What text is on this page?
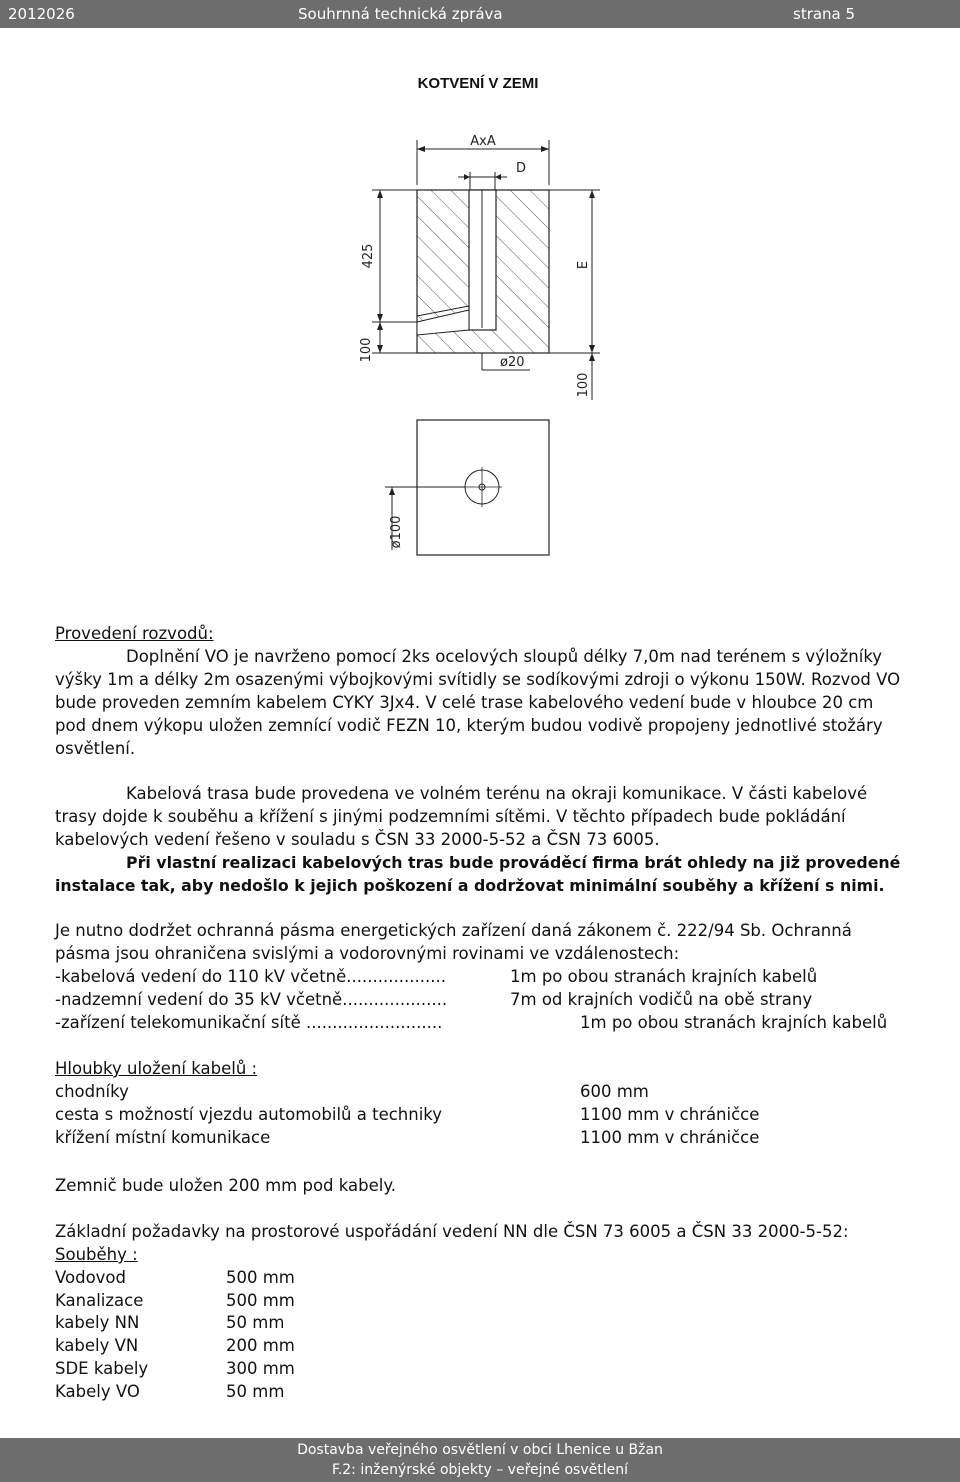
2012026	Souhrnná technická zpráva	strana 5
KOTVENÍ V ZEMI
AxA
D
425
100
E
100
ø20
ø100
Provedení rozvodů:
Doplnění VO je navrženo pomocí 2ks ocelových sloupů délky 7,0m nad terénem s výložníky
výšky 1m a délky 2m osazenými výbojkovými svítidly se sodíkovými zdroji o výkonu 150W. Rozvod VO
bude proveden zemním kabelem CYKY 3Jx4. V celé trase kabelového vedení bude v hloubce 20 cm
pod dnem výkopu uložen zemnící vodič FEZN 10, kterým budou vodivě propojeny jednotlivé stožáry
osvětlení.
Kabelová trasa bude provedena ve volném terénu na okraji komunikace. V části kabelové
trasy dojde k souběhu a křížení s jinými podzemními sítěmi. V těchto případech bude pokládání
kabelových vedení řešeno v souladu s ČSN 33 2000-5-52 a ČSN 73 6005.
Při vlastní realizaci kabelových tras bude prováděcí firma brát ohledy na již provedené
instalace tak, aby nedošlo k jejich poškození a dodržovat minimální souběhy a křížení s nimi.
Je nutno dodržet ochranná pásma energetických zařízení daná zákonem č. 222/94 Sb. Ochranná
pásma jsou ohraničena svislými a vodorovnými rovinami ve vzdálenostech:
-kabelová vedení do 110 kV včetně...................	1m po obou stranách krajních kabelů
-nadzemní vedení do 35 kV včetně....................	7m od krajních vodičů na obě strany
-zařízení telekomunikační sítě ..........................	1m po obou stranách krajních kabelů
Hloubky uložení kabelů :
chodníky	600 mm
cesta s možností vjezdu automobilů a techniky	1100 mm v chráničce
křížení místní komunikace	1100 mm v chráničce
Zemnič bude uložen 200 mm pod kabely.
Základní požadavky na prostorové uspořádání vedení NN dle ČSN 73 6005 a ČSN 33 2000-5-52:
Souběhy :
Vodovod	500 mm
Kanalizace	500 mm
kabely NN	50 mm
kabely VN	200 mm
SDE kabely	300 mm
Kabely VO	50 mm
Dostavba veřejného osvětlení v obci Lhenice u Bžan
F.2: inženýrské objekty – veřejné osvětlení
